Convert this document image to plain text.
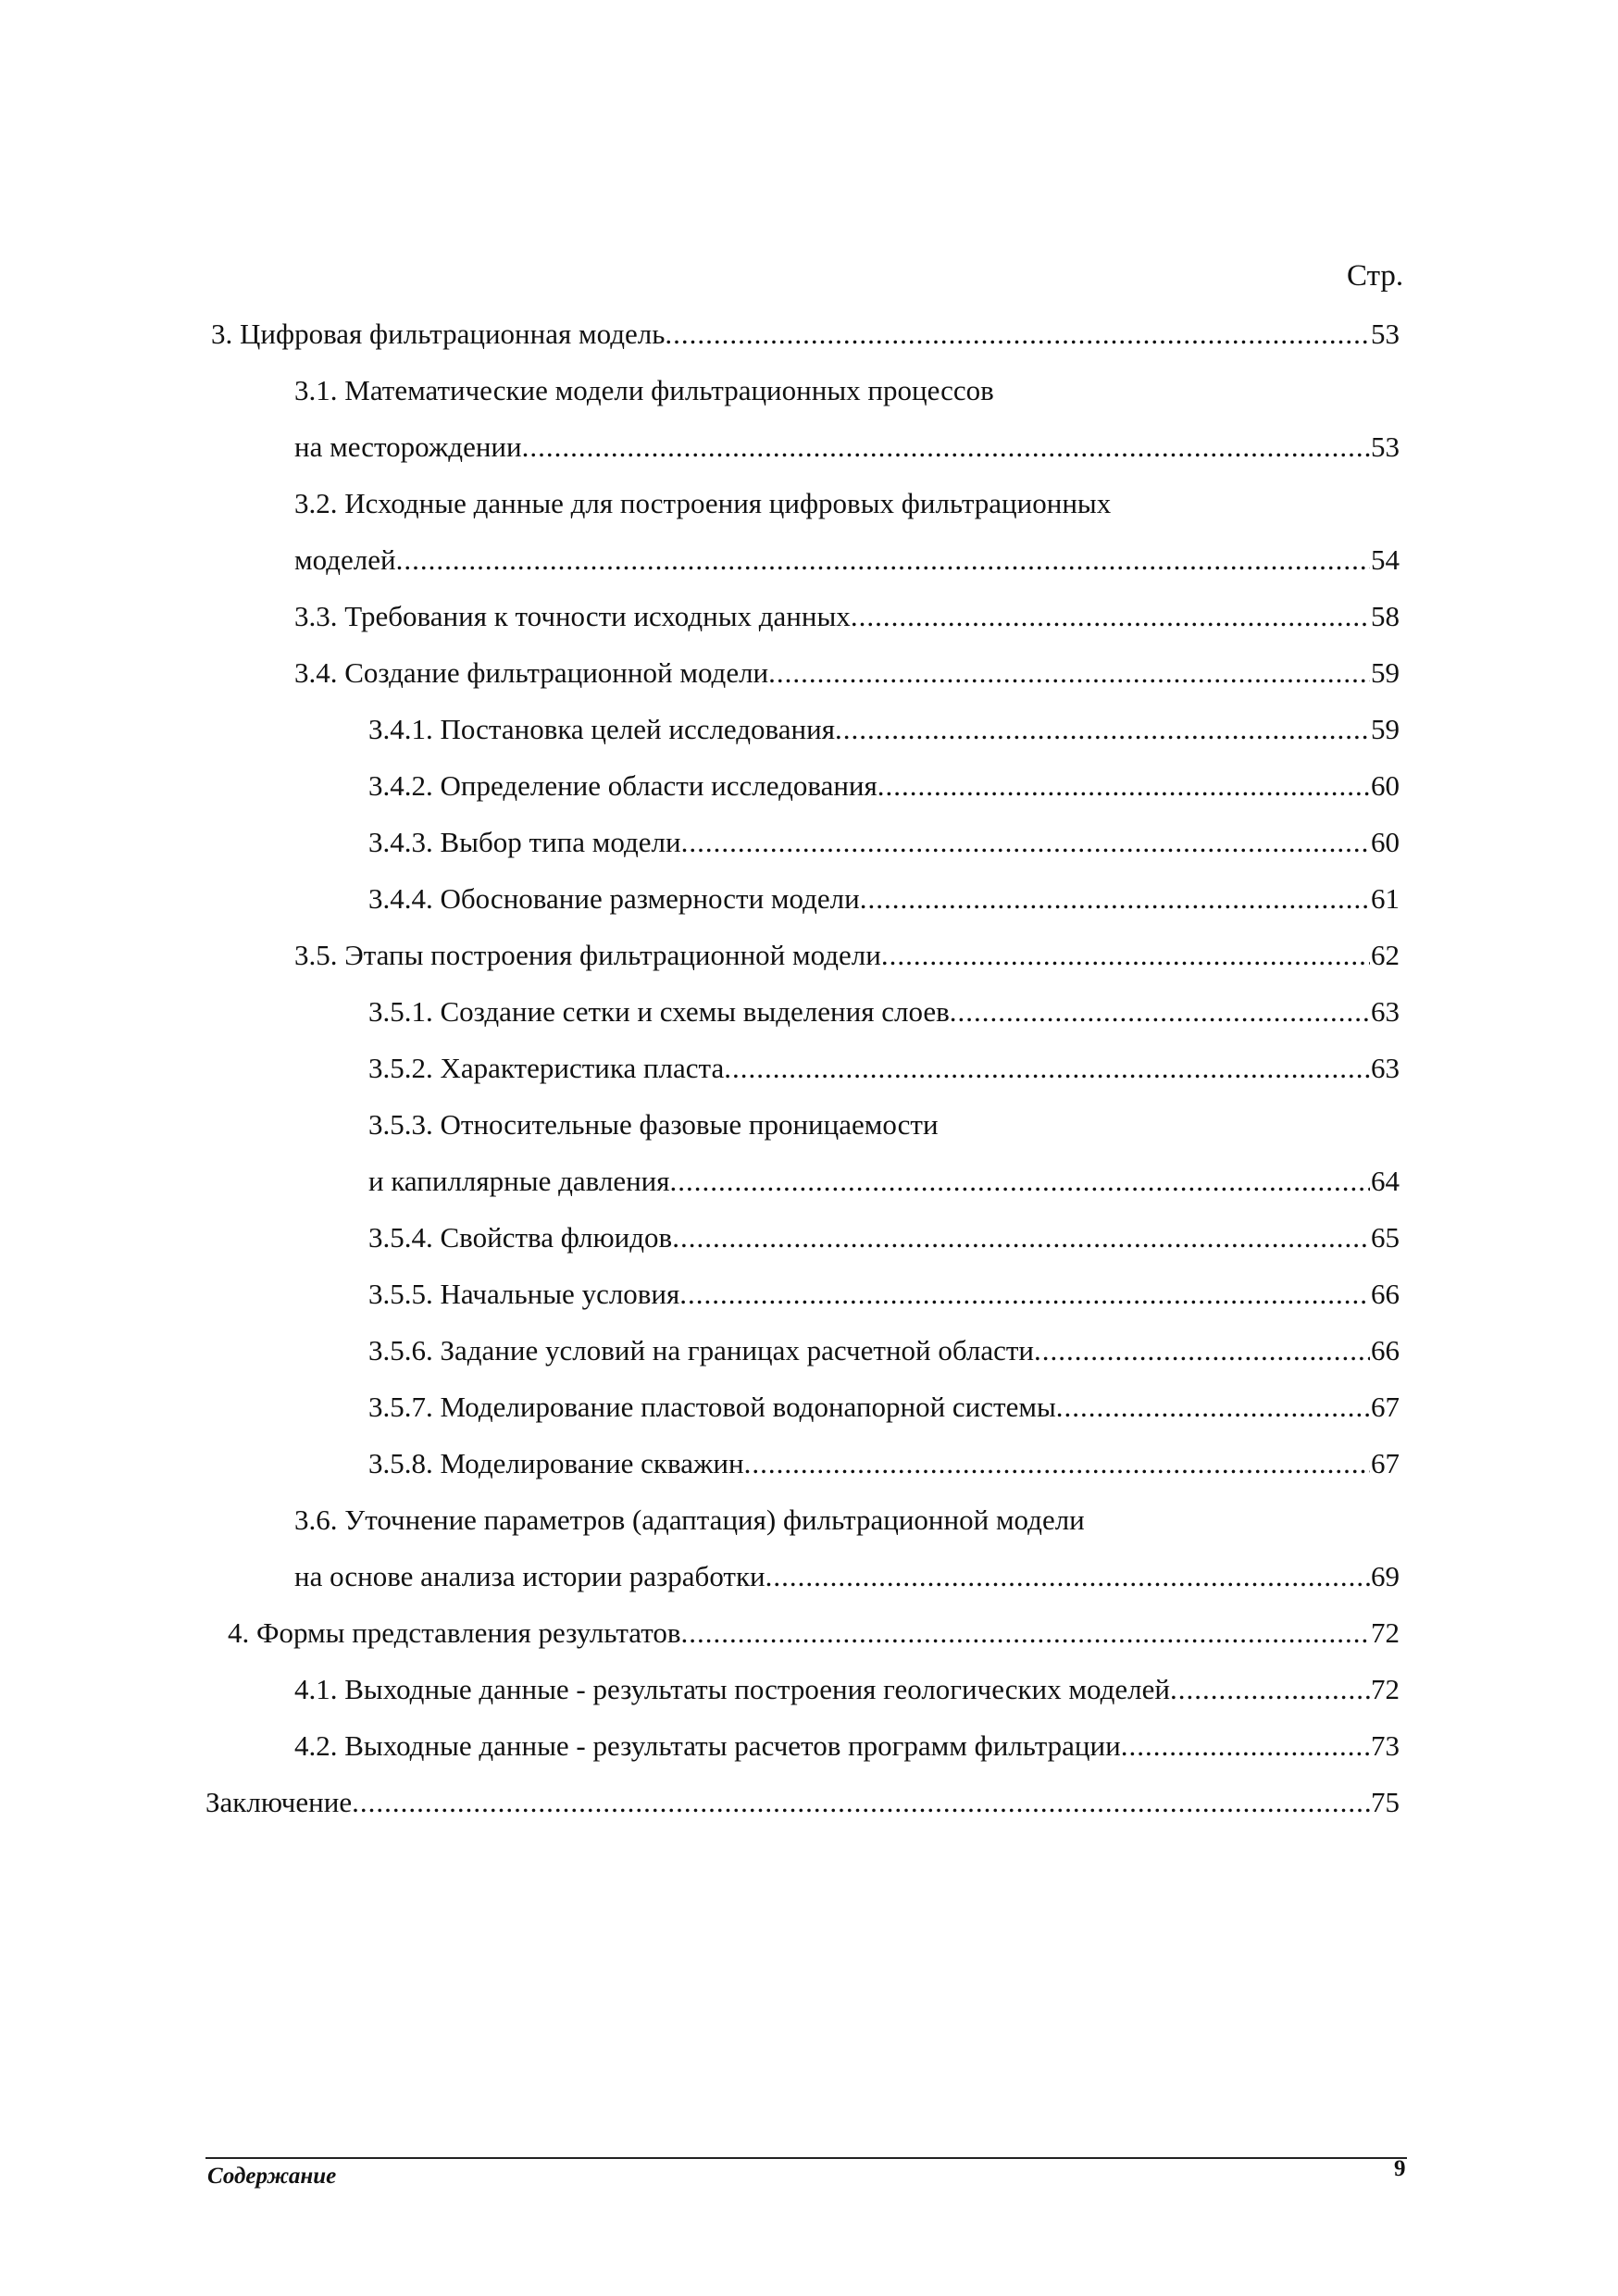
Стр.
3. Цифровая фильтрационная модель .....	53
3.1. Математические модели фильтрационных процессов
на месторождении .....	53
3.2. Исходные данные для построения цифровых фильтрационных
моделей .....	54
3.3. Требования к точности исходных данных .....	58
3.4. Создание фильтрационной модели .....	59
3.4.1. Постановка целей исследования .....	59
3.4.2. Определение области исследования .....	60
3.4.3. Выбор типа модели .....	60
3.4.4. Обоснование размерности модели .....	61
3.5. Этапы построения фильтрационной модели .....	62
3.5.1. Создание сетки и схемы выделения слоев .....	63
3.5.2. Характеристика пласта .....	63
3.5.3. Относительные фазовые проницаемости
и капиллярные давления .....	64
3.5.4. Свойства флюидов .....	65
3.5.5. Начальные условия .....	66
3.5.6. Задание условий на границах расчетной области .....	66
3.5.7. Моделирование пластовой водонапорной системы .....	67
3.5.8. Моделирование скважин .....	67
3.6. Уточнение параметров (адаптация) фильтрационной модели
на основе анализа истории разработки .....	69
4. Формы представления результатов .....	72
4.1. Выходные данные - результаты построения геологических моделей .....	72
4.2. Выходные данные - результаты расчетов программ фильтрации .....	73
Заключение .....	75
Содержание	9
